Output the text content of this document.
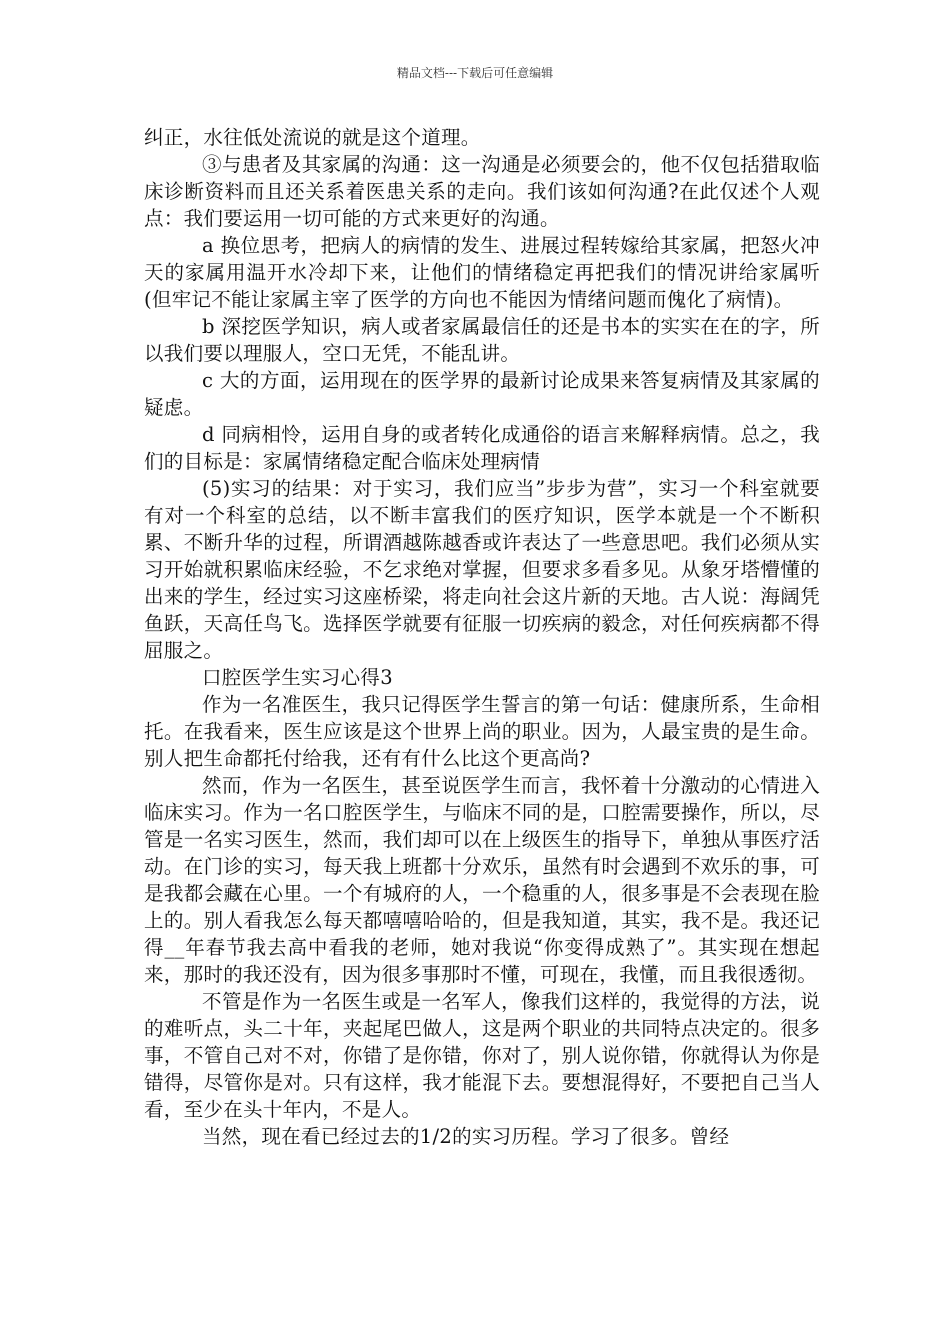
精品文档---下载后可任意编辑

纠正，水往低处流说的就是这个道理。

③与患者及其家属的沟通：这一沟通是必须要会的，他不仅包括猎取临床诊断资料而且还关系着医患关系的走向。我们该如何沟通?在此仅述个人观点：我们要运用一切可能的方式来更好的沟通。

a 换位思考，把病人的病情的发生、进展过程转嫁给其家属，把怒火冲天的家属用温开水冷却下来，让他们的情绪稳定再把我们的情况讲给家属听(但牢记不能让家属主宰了医学的方向也不能因为情绪问题而傀化了病情)。

b 深挖医学知识，病人或者家属最信任的还是书本的实实在在的字，所以我们要以理服人，空口无凭，不能乱讲。

c 大的方面，运用现在的医学界的最新讨论成果来答复病情及其家属的疑虑。

d 同病相怜，运用自身的或者转化成通俗的语言来解释病情。总之，我们的目标是：家属情绪稳定配合临床处理病情

(5)实习的结果：对于实习，我们应当”步步为营”，实习一个科室就要有对一个科室的总结，以不断丰富我们的医疗知识，医学本就是一个不断积累、不断升华的过程，所谓酒越陈越香或许表达了一些意思吧。我们必须从实习开始就积累临床经验，不乞求绝对掌握，但要求多看多见。从象牙塔懵懂的出来的学生，经过实习这座桥梁，将走向社会这片新的天地。古人说：海阔凭鱼跃，天高任鸟飞。选择医学就要有征服一切疾病的毅念，对任何疾病都不得屈服之。

口腔医学生实习心得3

作为一名准医生，我只记得医学生誓言的第一句话：健康所系，生命相托。在我看来，医生应该是这个世界上尚的职业。因为，人最宝贵的是生命。别人把生命都托付给我，还有有什么比这个更高尚?

然而，作为一名医生，甚至说医学生而言，我怀着十分激动的心情进入临床实习。作为一名口腔医学生，与临床不同的是，口腔需要操作，所以，尽管是一名实习医生，然而，我们却可以在上级医生的指导下，单独从事医疗活动。在门诊的实习，每天我上班都十分欢乐，虽然有时会遇到不欢乐的事，可是我都会藏在心里。一个有城府的人，一个稳重的人，很多事是不会表现在脸上的。别人看我怎么每天都嘻嘻哈哈的，但是我知道，其实，我不是。我还记得__年春节我去高中看我的老师，她对我说“你变得成熟了”。其实现在想起来，那时的我还没有，因为很多事那时不懂，可现在，我懂，而且我很透彻。

不管是作为一名医生或是一名军人，像我们这样的，我觉得的方法，说的难听点，头二十年，夹起尾巴做人，这是两个职业的共同特点决定的。很多事，不管自己对不对，你错了是你错，你对了，别人说你错，你就得认为你是错得，尽管你是对。只有这样，我才能混下去。要想混得好，不要把自己当人看，至少在头十年内，不是人。

当然，现在看已经过去的1/2的实习历程。学习了很多。曾经
